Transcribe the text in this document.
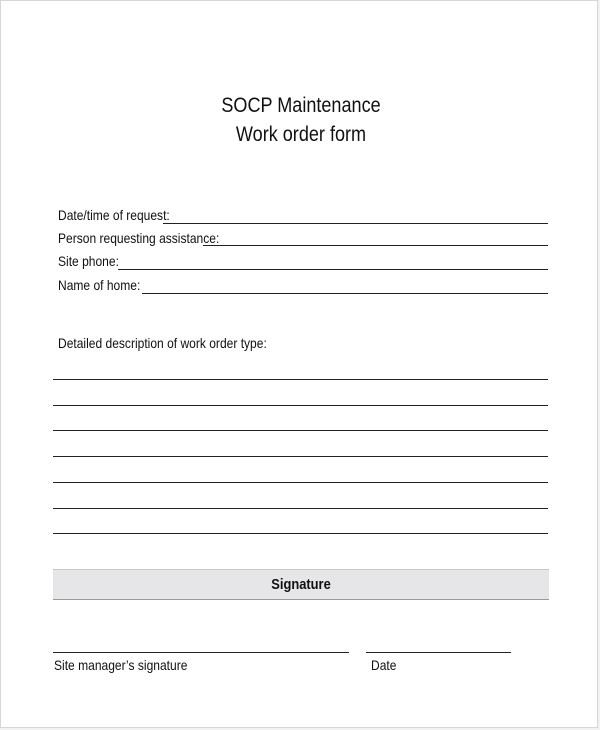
SOCP Maintenance
Work order form
Date/time of request:
Person requesting assistance:
Site phone:
Name of home:
Detailed description of work order type:
Signature
Site manager’s signature	Date
